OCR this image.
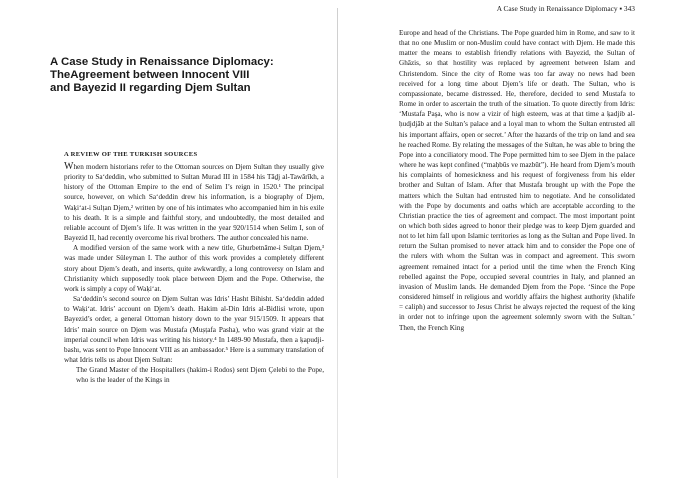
A Case Study in Renaissance Diplomacy:
TheAgreement between Innocent VIII
and Bayezid II regarding Djem Sultan
A REVIEW OF THE TURKISH SOURCES

When modern historians refer to the Ottoman sources on Djem Sultan they usually give priority to Sa‘deddin, who submitted to Sultan Murad III in 1584 his Tāḏj al-Tawārīkh, a history of the Ottoman Empire to the end of Selim I’s reign in 1520.¹ The principal source, however, on which Sa‘deddin drew his information, is a biography of Djem, Waḳi‘at-i Sulṭan Djem,² written by one of his intimates who accompanied him in his exile to his death. It is a simple and faithful story, and undoubtedly, the most detailed and reliable account of Djem’s life. It was written in the year 920/1514 when Selim I, son of Bayezid II, had recently overcome his rival brothers. The author concealed his name.

A modified version of the same work with a new title, Ghurbetnāme-i Sulṭan Djem,³ was made under Süleyman I. The author of this work provides a completely different story about Djem’s death, and inserts, quite awkwardly, a long controversy on Islam and Christianity which supposedly took place between Djem and the Pope. Otherwise, the work is simply a copy of Waḳi‘at.

Sa‘deddin’s second source on Djem Sultan was Idris’ Hasht Bihisht. Sa‘deddin added to Waḳi‘at. Idris’ account on Djem’s death. Hakim al-Din Idris al-Bidlisi wrote, upon Bayezid’s order, a general Ottoman history down to the year 915/1509. It appears that Idris’ main source on Djem was Mustafa (Muṣṭafa Pasha), who was grand vizir at the imperial council when Idris was writing his history.⁴ In 1489-90 Mustafa, then a ḳapudji-bashı, was sent to Pope Innocent VIII as an ambassador.⁵ Here is a summary translation of what Idris tells us about Djem Sultan:

The Grand Master of the Hospitallers (hakim-i Rodos) sent Djem Çelebi to the Pope, who is the leader of the Kings in

A Case Study in Renaissance Diplomacy ▪ 343

Europe and head of the Christians. The Pope guarded him in Rome, and saw to it that no one Muslim or non-Muslim could have contact with Djem. He made this matter the means to establish friendly relations with Bayezid, the Sultan of Ghāzis, so that hostility was replaced by agreement between Islam and Christendom. Since the city of Rome was too far away no news had been received for a long time about Djem’s life or death. The Sultan, who is compassionate, became distressed. He, therefore, decided to send Mustafa to Rome in order to ascertain the truth of the situation. To quote directly from Idris: ‘Mustafa Paşa, who is now a vizir of high esteem, was at that time a ḳadjib al-ḥudjdjāb at the Sultan’s palace and a loyal man to whom the Sultan entrusted all his important affairs, open or secret.’ After the hazards of the trip on land and sea he reached Rome. By relating the messages of the Sultan, he was able to bring the Pope into a conciliatory mood. The Pope permitted him to see Djem in the palace where he was kept confined (“maḥbūs ve mazbūt”). He heard from Djem’s mouth his complaints of homesickness and his request of forgiveness from his elder brother and Sultan of Islam. After that Mustafa brought up with the Pope the matters which the Sultan had entrusted him to negotiate. And he consolidated with the Pope by documents and oaths which are acceptable according to the Christian practice the ties of agreement and compact. The most important point on which both sides agreed to honor their pledge was to keep Djem guarded and not to let him fall upon Islamic territories as long as the Sultan and Pope lived. In return the Sultan promised to never attack him and to consider the Pope one of the rulers with whom the Sultan was in compact and agreement. This sworn agreement remained intact for a period until the time when the French King rebelled against the Pope, occupied several countries in Italy, and planned an invasion of Muslim lands. He demanded Djem from the Pope. ‘Since the Pope considered himself in religious and worldly affairs the highest authority (khalife = caliph) and successor to Jesus Christ he always rejected the request of the king in order not to infringe upon the agreement solemnly sworn with the Sultan.’ Then, the French King
